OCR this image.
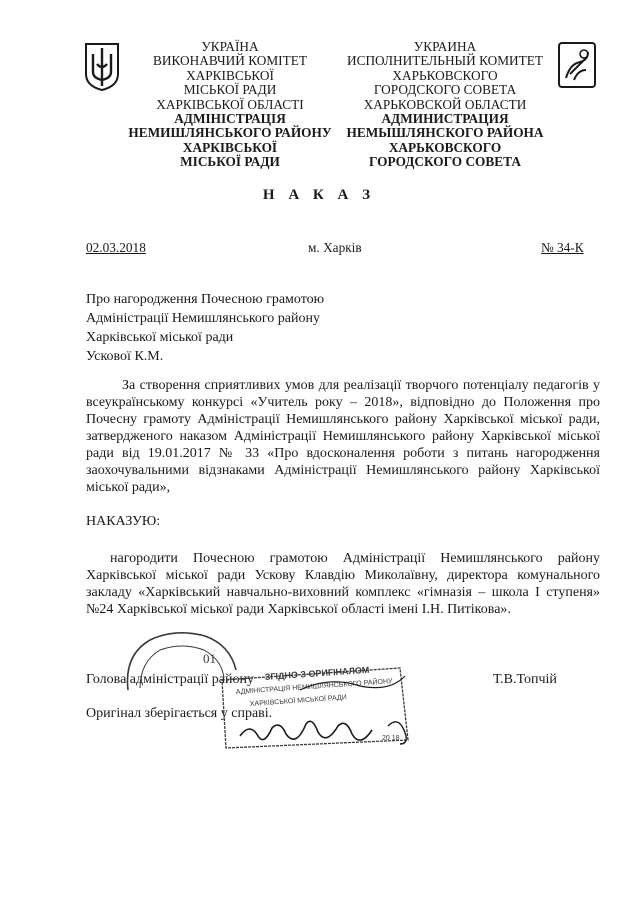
УКРАЇНА
ВИКОНАВЧИЙ КОМІТЕТ
ХАРКІВСЬКОЇ
МІСЬКОЇ РАДИ
ХАРКІВСЬКОЇ ОБЛАСТІ
АДМІНІСТРАЦІЯ
НЕМИШЛЯНСЬКОГО РАЙОНУ
ХАРКІВСЬКОЇ
МІСЬКОЇ РАДИ
УКРАИНА
ИСПОЛНИТЕЛЬНЫЙ КОМИТЕТ
ХАРЬКОВСКОГО
ГОРОДСКОГО СОВЕТА
ХАРЬКОВСКОЙ ОБЛАСТИ
АДМИНИСТРАЦИЯ
НЕМЫШЛЯНСКОГО РАЙОНА
ХАРЬКОВСКОГО
ГОРОДСКОГО СОВЕТА
Н А К А З
02.03.2018	м. Харків	№ 34-К
Про нагородження Почесною грамотою
Адміністрації Немишлянського району
Харківської міської ради
Ускової К.М.
За створення сприятливих умов для реалізації творчого потенціалу педагогів у всеукраїнському конкурсі «Учитель року – 2018», відповідно до Положення про Почесну грамоту Адміністрації Немишлянського району Харківської міської ради, затвердженого наказом Адміністрації Немишлянського району Харківської міської ради від 19.01.2017 № 33 «Про вдосконалення роботи з питань нагородження заохочувальними відзнаками Адміністрації Немишлянського району Харківської міської ради»,
НАКАЗУЮ:
нагородити Почесною грамотою Адміністрації Немишлянського району Харківської міської ради Ускову Клавдію Миколаївну, директора комунального закладу «Харківський навчально-виховний комплекс «гімназія – школа І ступеня» №24 Харківської міської ради Харківської області імені І.Н. Питікова».
Голова адміністрації району	Т.В.Топчій
Оригінал зберігається у справі.
01
ЗГІДНО З ОРИГІНАЛОМ
АДМІНІСТРАЦІЯ НЕМИШЛЯНСЬКОГО РАЙОНУ
ХАРКІВСЬКОЇ МІСЬКОЇ РАДИ
20 18
